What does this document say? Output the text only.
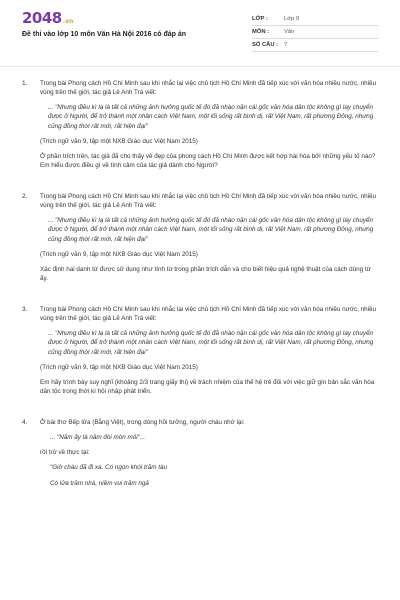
2048.vn
Đề thi vào lớp 10 môn Văn Hà Nội 2016 có đáp án
LỚP :	Lớp 9
MÔN :	Văn
SỐ CÂU :	7
1. Trong bài Phong cách Hồ Chí Minh sau khi nhắc lại việc chủ tịch Hồ Chí Minh đã tiếp xúc với văn hóa nhiều nước, nhiều vùng trên thế giới, tác giả Lê Anh Trà viết:

... "Nhưng điều kì lạ là tất cả những ảnh hưởng quốc tế đó đã nhào nặn cái gốc văn hóa dân tộc không gì lay chuyển được ở Người, để trở thành một nhân cách Việt Nam, một lối sống rất bình dị, rất Việt Nam, rất phương Đông, nhưng cũng đồng thời rất mới, rất hiện đại"

(Trích ngữ văn 9, tập một NXB Giáo dục Việt Nam 2015)

Ở phần trích trên, tác giả đã cho thấy vẻ đẹp của phong cách Hồ Chí Minh được kết hợp hài hòa bởi những yếu tố nào? Em hiểu được điều gì về tình cảm của tác giả dành cho Người?

2. Trong bài Phong cách Hồ Chí Minh sau khi nhắc lại việc chủ tịch Hồ Chí Minh đã tiếp xúc với văn hóa nhiều nước, nhiều vùng trên thế giới, tác giả Lê Anh Trà viết:

... "Nhưng điều kì lạ là tất cả những ảnh hưởng quốc tế đó đã nhào nặn cái gốc văn hóa dân tộc không gì lay chuyển được ở Người, để trở thành một nhân cách Việt Nam, một lối sống rất bình dị, rất Việt Nam, rất phương Đông, nhưng cũng đồng thời rất mới, rất hiện đại"

(Trích ngữ văn 9, tập một NXB Giáo dục Việt Nam 2015)

Xác định hai danh từ được sử dụng như tính từ trong phần trích dẫn và cho biết hiệu quả nghệ thuật của cách dùng từ ấy.

3. Trong bài Phong cách Hồ Chí Minh sau khi nhắc lại việc chủ tịch Hồ Chí Minh đã tiếp xúc với văn hóa nhiều nước, nhiều vùng trên thế giới, tác giả Lê Anh Trà viết:

... "Nhưng điều kì lạ là tất cả những ảnh hưởng quốc tế đó đã nhào nặn cái gốc văn hóa dân tộc không gì lay chuyển được ở Người, để trở thành một nhân cách Việt Nam, một lối sống rất bình dị, rất Việt Nam, rất phương Đông, nhưng cũng đồng thời rất mới, rất hiện đại"

(Trích ngữ văn 9, tập một NXB Giáo dục Việt Nam 2015)

Em hãy trình bày suy nghĩ (khoảng 2/3 trang giấy thi) về trách nhiệm của thế hệ trẻ đối với việc giữ gìn bản sắc văn hóa dân tộc trong thời kì hội nhập phát triển.

4. Ở bài thơ Bếp lửa (Bằng Việt), trong dòng hồi tưởng, người cháu nhớ lại:

... "Năm ấy là năm đói mòn mỏi"...

rồi trở về thực tại:

"Giờ cháu đã đi xa. Có ngọn khói trăm tàu

Có lửa trăm nhà, niềm vui trăm ngả
